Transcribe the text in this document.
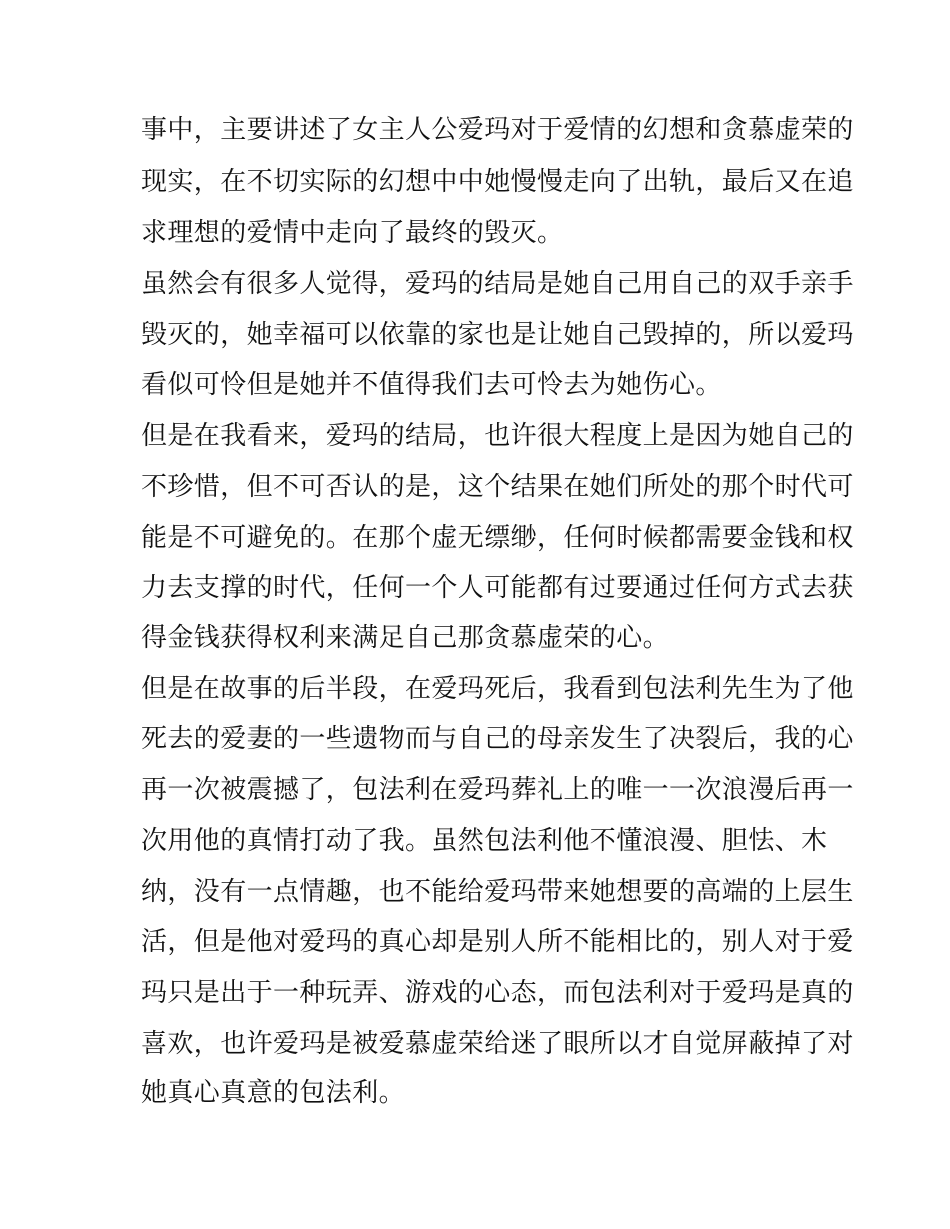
事中，主要讲述了女主人公爱玛对于爱情的幻想和贪慕虚荣的
现实，在不切实际的幻想中中她慢慢走向了出轨，最后又在追
求理想的爱情中走向了最终的毁灭。
虽然会有很多人觉得，爱玛的结局是她自己用自己的双手亲手
毁灭的，她幸福可以依靠的家也是让她自己毁掉的，所以爱玛
看似可怜但是她并不值得我们去可怜去为她伤心。
但是在我看来，爱玛的结局，也许很大程度上是因为她自己的
不珍惜，但不可否认的是，这个结果在她们所处的那个时代可
能是不可避免的。在那个虚无缥缈，任何时候都需要金钱和权
力去支撑的时代，任何一个人可能都有过要通过任何方式去获
得金钱获得权利来满足自己那贪慕虚荣的心。
但是在故事的后半段，在爱玛死后，我看到包法利先生为了他
死去的爱妻的一些遗物而与自己的母亲发生了决裂后，我的心
再一次被震撼了，包法利在爱玛葬礼上的唯一一次浪漫后再一
次用他的真情打动了我。虽然包法利他不懂浪漫、胆怯、木
纳，没有一点情趣，也不能给爱玛带来她想要的高端的上层生
活，但是他对爱玛的真心却是别人所不能相比的，别人对于爱
玛只是出于一种玩弄、游戏的心态，而包法利对于爱玛是真的
喜欢，也许爱玛是被爱慕虚荣给迷了眼所以才自觉屏蔽掉了对
她真心真意的包法利。
